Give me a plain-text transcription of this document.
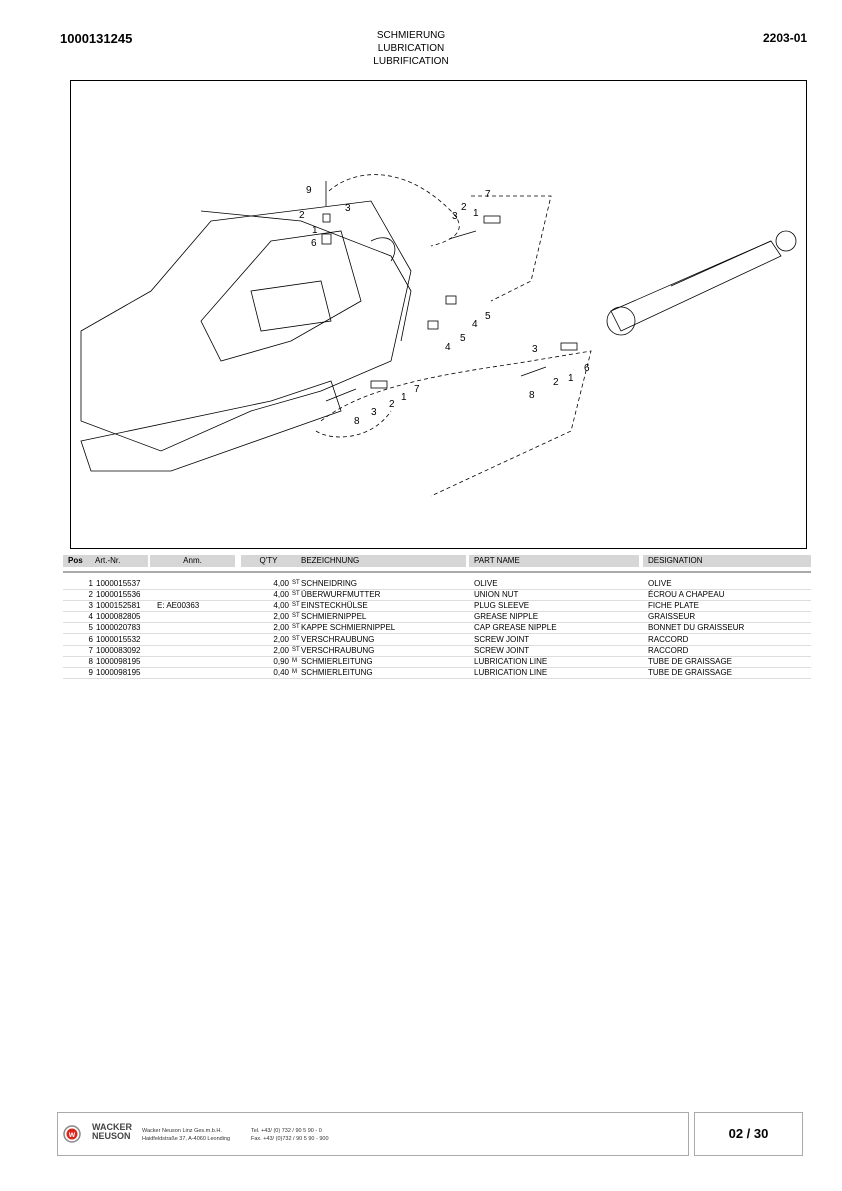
1000131245	SCHMIERUNG
LUBRICATION
LUBRIFICATION
2203-01
9
2
3
1
6
7
2
1
3
5
4
5
4
7
1
2
3
8
3
2 1
6
8
Pos	Art.-Nr.	Anm.	Q'TY	BEZEICHNUNG	PART NAME	DESIGNATION
1 1000015537	4,00 ST SCHNEIDRING	OLIVE	OLIVE
2 1000015536	4,00 ST ÜBERWURFMUTTER	UNION NUT	ÉCROU A CHAPEAU
3 1000152581 E: AE00363	4,00 ST EINSTECKHÜLSE	PLUG SLEEVE	FICHE PLATE
4 1000082805	2,00 ST SCHMIERNIPPEL	GREASE NIPPLE	GRAISSEUR
5 1000020783	2,00 ST KAPPE SCHMIERNIPPEL	CAP GREASE NIPPLE	BONNET DU GRAISSEUR
6 1000015532	2,00 ST VERSCHRAUBUNG	SCREW JOINT	RACCORD
7 1000083092	2,00 ST VERSCHRAUBUNG	SCREW JOINT	RACCORD
8 1000098195	0,90 M SCHMIERLEITUNG	LUBRICATION LINE	TUBE DE GRAISSAGE
9 1000098195	0,40 M SCHMIERLEITUNG	LUBRICATION LINE	TUBE DE GRAISSAGE
w
WACKER
NEUSON Wacker Neuson Linz Ges.m.b.H.
Haidfeldstraße 37, A-4060 Leonding
Tel. +43/ (0) 732 / 90 5 90 - 0
Fax. +43/ (0)732 / 90 5 90 - 900	02 / 30
